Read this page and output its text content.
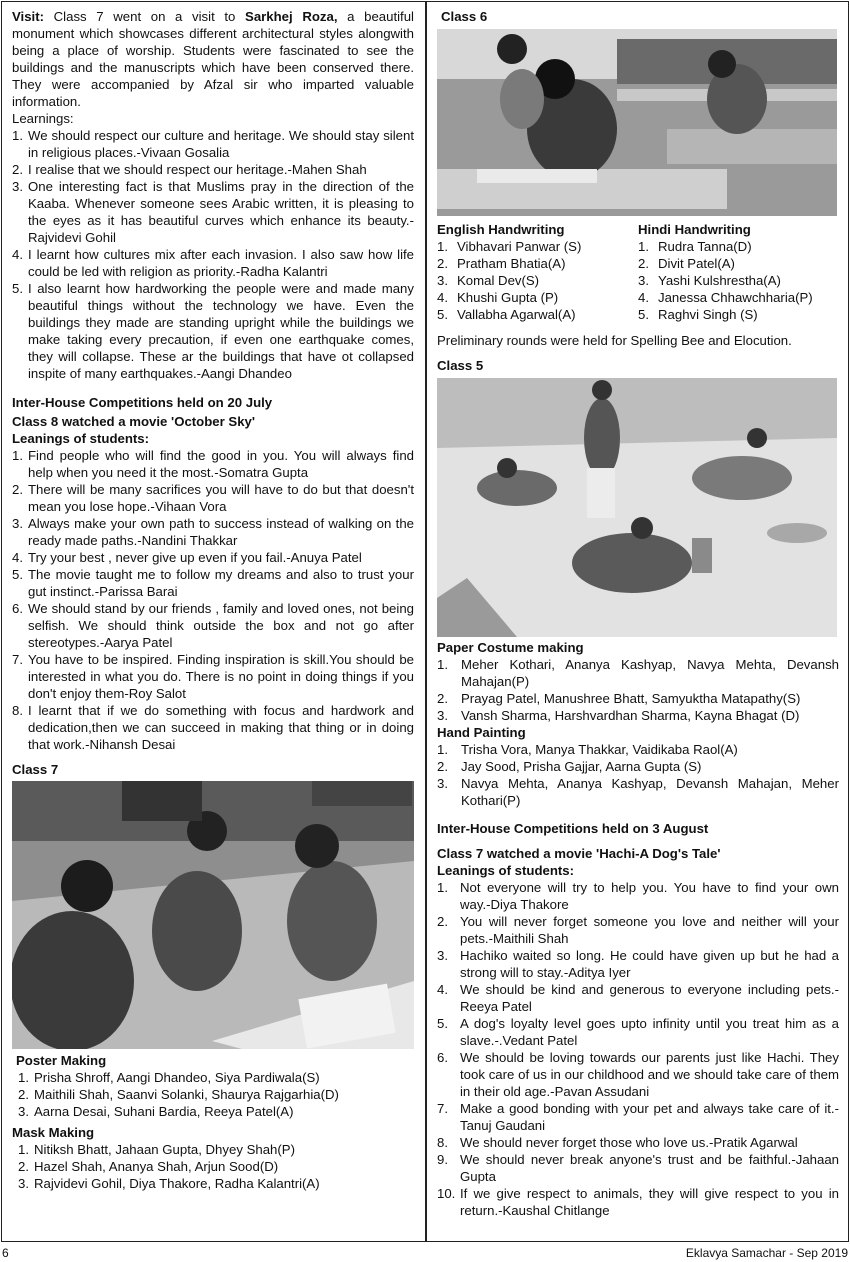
Visit: Class 7 went on a visit to Sarkhej Roza, a beautiful monument which showcases different architectural styles alongwith being a place of worship. Students were fascinated to see the buildings and the manuscripts which have been conserved there. They were accompanied by Afzal sir who imparted valuable information.

Learnings:
1. We should respect our culture and heritage. We should stay silent in religious places.-Vivaan Gosalia
2. I realise that we should respect our heritage.-Mahen Shah
3. One interesting fact is that Muslims pray in the direction of the Kaaba. Whenever someone sees Arabic written, it is pleasing to the eyes as it has beautiful curves which enhance its beauty.-Rajvidevi Gohil
4. I learnt how cultures mix after each invasion. I also saw how life could be led with religion as priority.-Radha Kalantri
5. I also learnt how hardworking the people were and made many beautiful things without the technology we have. Even the buildings they made are standing upright while the buildings we make taking every precaution, if even one earthquake comes, they will collapse. These ar the buildings that have ot collapsed inspite of many earthquakes.-Aangi Dhandeo
Inter-House Competitions held on 20 July
Class 8 watched a movie 'October Sky'
Leanings of students:
1. Find people who will find the good in you. You will always find help when you need it the most.-Somatra Gupta
2. There will be many sacrifices you will have to do but that doesn't mean you lose hope.-Vihaan Vora
3. Always make your own path to success instead of walking on the ready made paths.-Nandini Thakkar
4. Try your best , never give up even if you fail.-Anuya Patel
5. The movie taught me to follow my dreams and also to trust your gut instinct.-Parissa Barai
6. We should stand by our friends , family and loved ones, not being selfish. We should think outside the box and not go after stereotypes.-Aarya Patel
7. You have to be inspired. Finding inspiration is skill.You should be interested in what you do. There is no point in doing things if you don't enjoy them-Roy Salot
8. I learnt that if we do something with focus and hardwork and dedication,then we can succeed in making that thing or in doing that work.-Nihansh Desai
Class 7
Poster Making
1. Prisha Shroff, Aangi Dhandeo, Siya Pardiwala(S)
2. Maithili Shah, Saanvi Solanki, Shaurya Rajgarhia(D)
3. Aarna Desai, Suhani Bardia, Reeya Patel(A)
Mask Making
1. Nitiksh Bhatt, Jahaan Gupta, Dhyey Shah(P)
2. Hazel Shah, Ananya Shah, Arjun Sood(D)
3. Rajvidevi Gohil, Diya Thakore, Radha Kalantri(A)
Class 6
English Handwriting
1. Vibhavari Panwar (S)
2. Pratham Bhatia(A)
3. Komal Dev(S)
4. Khushi Gupta (P)
5. Vallabha Agarwal(A)
Hindi Handwriting
1. Rudra Tanna(D)
2. Divit Patel(A)
3. Yashi Kulshrestha(A)
4. Janessa Chhawchharia(P)
5. Raghvi Singh (S)

Preliminary rounds were held for Spelling Bee and Elocution.

Class 5
Paper Costume making
1. Meher Kothari, Ananya Kashyap, Navya Mehta, Devansh Mahajan(P)
2. Prayag Patel, Manushree Bhatt, Samyuktha Matapathy(S)
3. Vansh Sharma, Harshvardhan Sharma, Kayna Bhagat (D)
Hand Painting
1. Trisha Vora, Manya Thakkar, Vaidikaba Raol(A)
2. Jay Sood, Prisha Gajjar, Aarna Gupta (S)
3. Navya Mehta, Ananya Kashyap, Devansh Mahajan, Meher Kothari(P)
Inter-House Competitions held on 3 August
Class 7 watched a movie 'Hachi-A Dog's Tale'
Leanings of students:
1. Not everyone will try to help you. You have to find your own way.-Diya Thakore
2. You will never forget someone you love and neither will your pets.-Maithili Shah
3. Hachiko waited so long. He could have given up but he had a strong will to stay.-Aditya Iyer
4. We should be kind and generous to everyone including pets.-Reeya Patel
5. A dog's loyalty level goes upto infinity until you treat him as a slave.-.Vedant Patel
6. We should be loving towards our parents just like Hachi. They took care of us in our childhood and we should take care of them in their old age.-Pavan Assudani
7. Make a good bonding with your pet and always take care of it.-Tanuj Gaudani
8. We should never forget those who love us.-Pratik Agarwal
9. We should never break anyone's trust and be faithful.-Jahaan Gupta
10. If we give respect to animals, they will give respect to you in return.-Kaushal Chitlange
6	Eklavya Samachar - Sep 2019
